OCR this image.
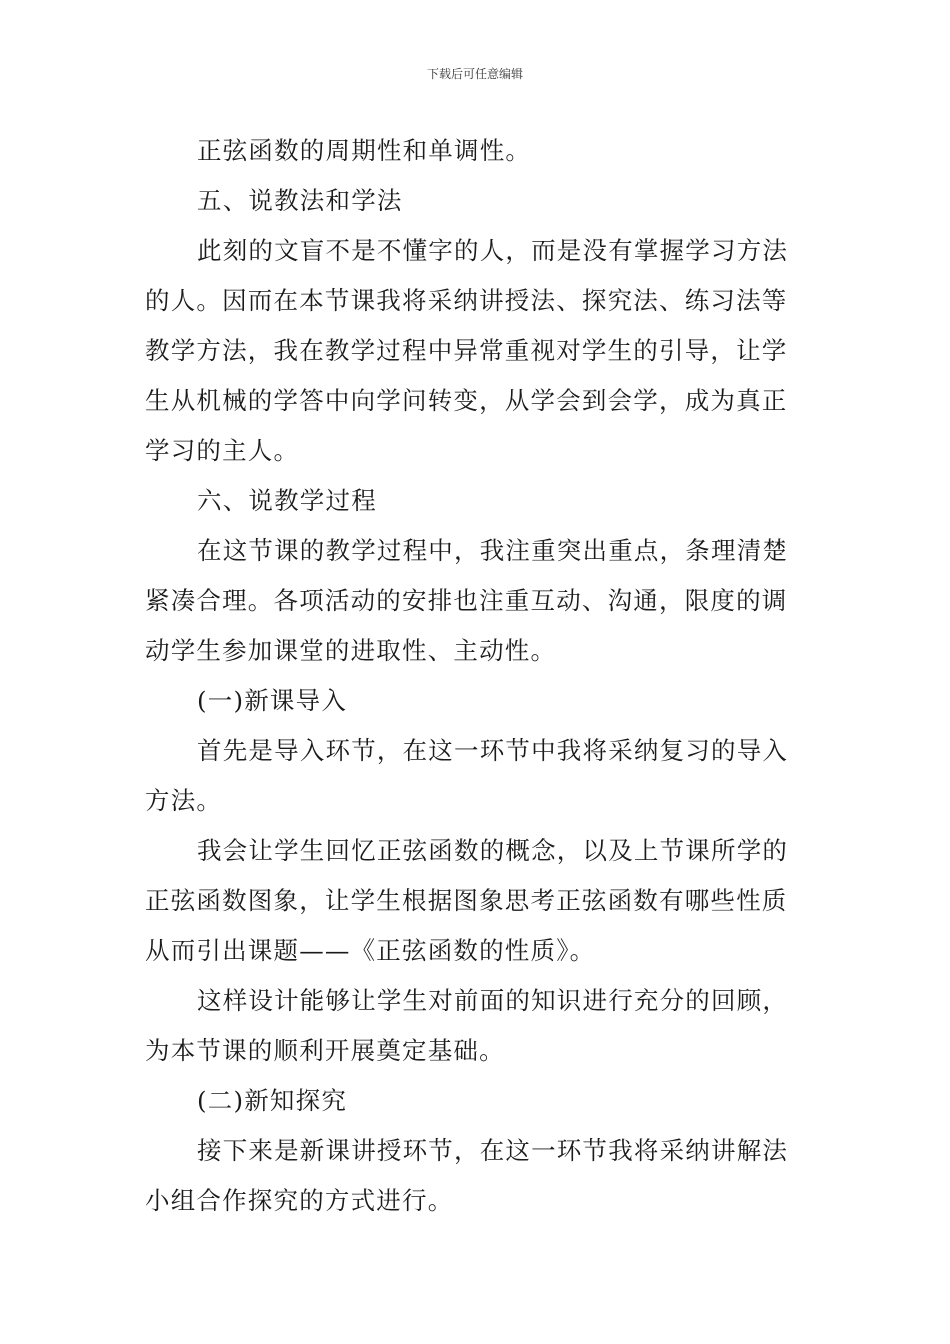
下载后可任意编辑
正弦函数的周期性和单调性。
五、说教法和学法
此刻的文盲不是不懂字的人，而是没有掌握学习方法
的人。因而在本节课我将采纳讲授法、探究法、练习法等
教学方法，我在教学过程中异常重视对学生的引导，让学
生从机械的学答中向学问转变，从学会到会学，成为真正
学习的主人。
六、说教学过程
在这节课的教学过程中，我注重突出重点，条理清楚
紧凑合理。各项活动的安排也注重互动、沟通，限度的调
动学生参加课堂的进取性、主动性。
(一)新课导入
首先是导入环节，在这一环节中我将采纳复习的导入
方法。
我会让学生回忆正弦函数的概念，以及上节课所学的
正弦函数图象，让学生根据图象思考正弦函数有哪些性质
从而引出课题——《正弦函数的性质》。
这样设计能够让学生对前面的知识进行充分的回顾，
为本节课的顺利开展奠定基础。
(二)新知探究
接下来是新课讲授环节，在这一环节我将采纳讲解法
小组合作探究的方式进行。
